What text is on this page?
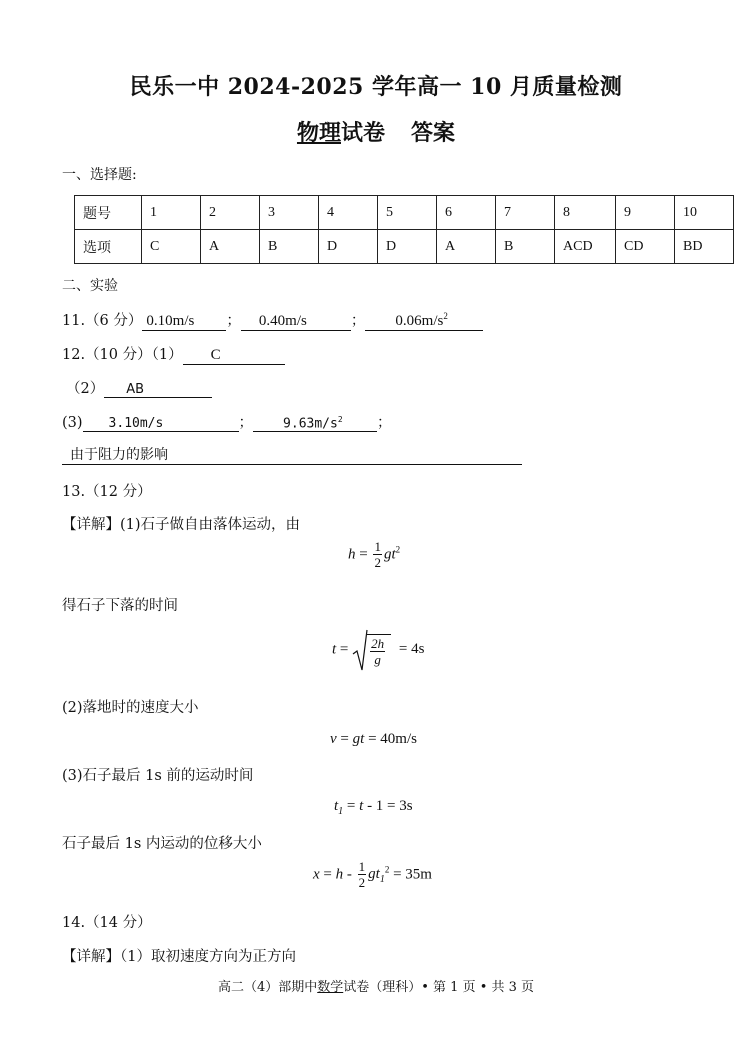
民乐一中 2024-2025 学年高一 10 月质量检测
物理试卷 答案
一、选择题:
题号	1	2	3	4	5	6	7	8	9	10
选项	C	A	B	D	D	A	B	ACD	CD	BD
二、实验
11.（6 分） 0.10m/s ； 0.40m/s	； $0.06m/s^2$
12.（10 分）（1） C
（2） AB
(3) 3.10m/s	； $9.63m/s^2$ ；
由于阻力的影响
13.（12 分）
【详解】(1)石子做自由落体运动，由
$h = \frac{1}{2} gt^2$
得石子下落的时间
$t = \frac{2h}{g} = 4s$
(2)落地时的速度大小
v = gt = 40m/s
(3)石子最后 1s 前的运动时间
$t_1 = t - 1 = 3s$
石子最后 1s 内运动的位移大小
$x = h - \frac{1}{2} gt_1^2 = 35m$
14.（14 分）
【详解】（1）取初速度方向为正方向
高二（4）部期中数学试卷（理科）• 第 1 页 • 共 3 页
